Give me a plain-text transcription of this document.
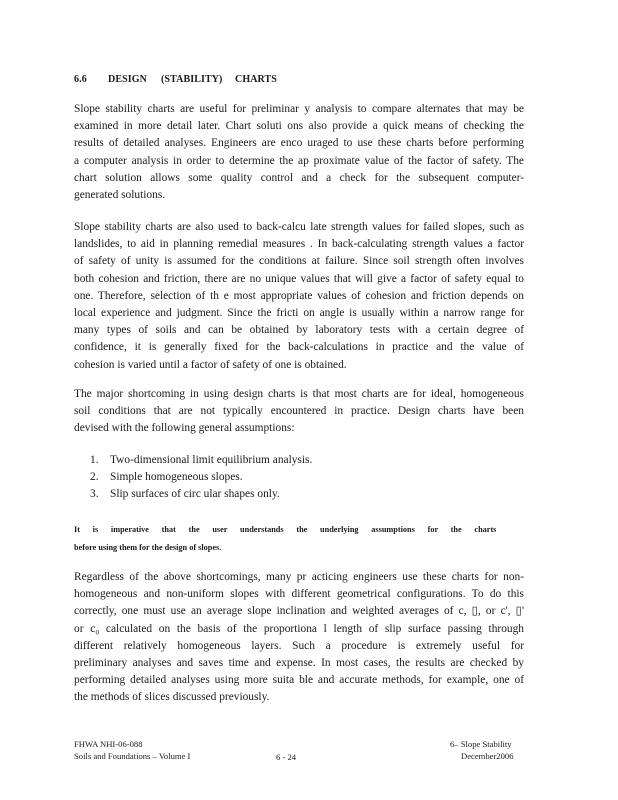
6.6 DESIGN (STABILITY) CHARTS
Slope stability charts are useful for preliminar y analysis to compare alternates that may be
examined in more detail later. Chart soluti ons also provide a quick means of checking the
results of detailed analyses. Engineers are enco uraged to use these charts before performing
a computer analysis in order to determine the ap proximate value of the factor of safety. The
chart solution allows some quality control and a check for the subsequent computer-
generated solutions.
Slope stability charts are also used to back-calcu late strength values for failed slopes, such as
landslides, to aid in planning remedial measures . In back-calculating strength values a factor
of safety of unity is assumed for the conditions at failure. Since soil strength often involves
both cohesion and friction, there are no unique values that will give a factor of safety equal to
one. Therefore, selection of th e most appropriate values of cohesion and friction depends on
local experience and judgment. Since the fricti on angle is usually within a narrow range for
many types of soils and can be obtained by laboratory tests with a certain degree of
confidence, it is generally fixed for the back-calculations in practice and the value of
cohesion is varied until a factor of safety of one is obtained.
The major shortcoming in using design charts is that most charts are for ideal, homogeneous
soil conditions that are not typically encountered in practice. Design charts have been
devised with the following general assumptions:
1. Two-dimensional limit equilibrium analysis.
2. Simple homogeneous slopes.
3. Slip surfaces of circ ular shapes only.
It is imperative that the user understands the underlying assumptions for the charts
before using them for the design of slopes.
Regardless of the above shortcomings, many pr acticing engineers use these charts for non-
homogeneous and non-uniform slopes with different geometrical configurations. To do this
correctly, one must use an average slope inclination and weighted averages of c, ▯, or c', ▯'
or c₀ calculated on the basis of the proportiona l length of slip surface passing through
different relatively homogeneous layers. Such a procedure is extremely useful for
preliminary analyses and saves time and expense. In most cases, the results are checked by
performing detailed analyses using more suita ble and accurate methods, for example, one of
the methods of slices discussed previously.
FHWA NHI-06-088
Soils and Foundations – Volume I	6 - 24
6– Slope Stability
December2006
